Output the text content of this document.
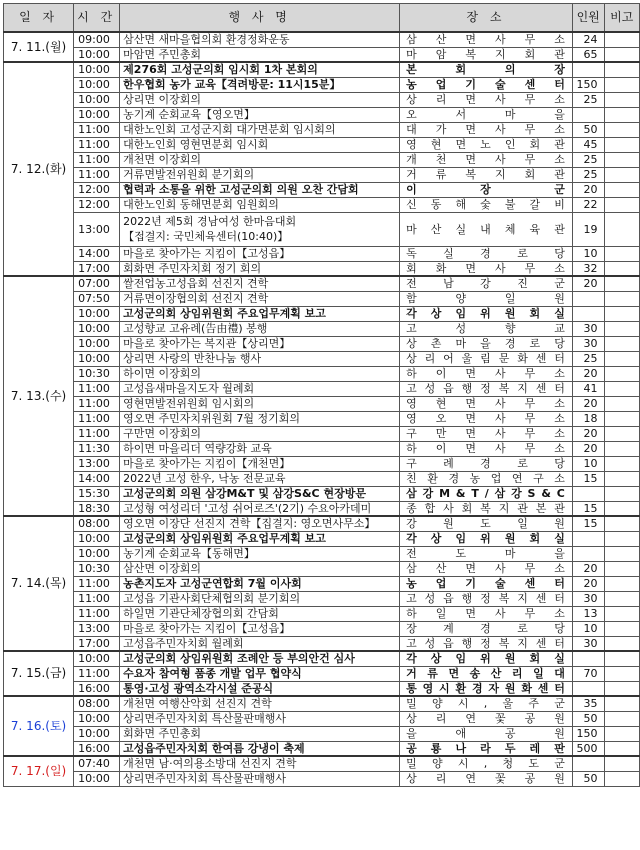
일 자	시 간	행 사 명	장 소	인원	비고
7. 11.(월)	09:00	삼산면 새마을협의회 환경정화운동	삼 산 면 사 무 소	24	
	10:00	마암면 주민총회	마 암 복 지 회 관	65	
7. 12.(화)	10:00	제276회 고성군의회 임시회 1차 본회의	본 회 의 장		
	10:00	한우협회 농가 교육【격려방문: 11시15분】	농 업 기 술 센 터	150	
	10:00	상리면 이장회의	상 리 면 사 무 소	25	
	10:00	농기계 순회교육【영오면】	오 서 마 을		
	11:00	대한노인회 고성군지회 대가면분회 임시회의	대 가 면 사 무 소	50	
	11:00	대한노인회 영현면분회 임시회	영 현 면 노 인 회 관	45	
	11:00	개천면 이장회의	개 천 면 사 무 소	25	
	11:00	거류면발전위원회 분기회의	거 류 복 지 회 관	25	
	12:00	협력과 소통을 위한 고성군의회 의원 오찬 간담회	이 장 군	20	
	12:00	대한노인회 동해면분회 임원회의	신 동 해 숯 불 갈 비	22	
	13:00	2022년 제5회 경남여성 한마음대회
【접결지: 국민체육센터(10:40)】	마 산 실 내 체 육 관	19	
	14:00	마을로 찾아가는 지킴이【고성읍】	독 실 경 로 당	10	
	17:00	회화면 주민자치회 정기 회의	회 화 면 사 무 소	32	
7. 13.(수)	07:00	쌀전업농고성읍회 선진지 견학	전 남 강 진 군	20	
	07:50	거류면이장협의회 선진지 견학	함 양 일 원		
	10:00	고성군의회 상임위원회 주요업무계획 보고	각 상 임 위 원 회 실		
	10:00	고성향교 고유례(告由禮) 봉행	고 성 향 교	30	
	10:00	마을로 찾아가는 복지관【상리면】	상 촌 마 을 경 로 당	30	
	10:00	상리면 사랑의 반찬나눔 행사	상 리 어 울 림 문 화 센 터	25	
	10:30	하이면 이장회의	하 이 면 사 무 소	20	
	11:00	고성읍새마을지도자 월례회	고 성 읍 행 정 복 지 센 터	41	
	11:00	영현면발전위원회 임시회의	영 현 면 사 무 소	20	
	11:00	영오면 주민자치위원회 7월 정기회의	영 오 면 사 무 소	18	
	11:00	구만면 이장회의	구 만 면 사 무 소	20	
	11:30	하이면 마을리더 역량강화 교육	하 이 면 사 무 소	20	
	13:00	마을로 찾아가는 지킴이【개천면】	구 례 경 로 당	10	
	14:00	2022년 고성 한우, 낙농 전문교육	친 환 경 농 업 연 구 소	15	
	15:30	고성군의회 의원 삼강M&T 및 삼강S&C 현장방문	삼 강 M & T / 삼 강 S & C		
	18:30	고성형 여성리더 '고성 쉬어로즈'(2기) 수요아카데미	종 합 사 회 복 지 관 본 관	15	
7. 14.(목)	08:00	영오면 이장단 선진지 견학【집결지: 영오면사무소】	강 원 도 일 원	15	
	10:00	고성군의회 상임위원회 주요업무계획 보고	각 상 임 위 원 회 실		
	10:00	농기계 순회교육【동해면】	전 도 마 을		
	10:30	삼산면 이장회의	삼 산 면 사 무 소	20	
	11:00	농촌지도자 고성군연합회 7월 이사회	농 업 기 술 센 터	20	
	11:00	고성읍 기관사회단체협의회 분기회의	고 성 읍 행 정 복 지 센 터	30	
	11:00	하일면 기관단체장협의회 간담회	하 일 면 사 무 소	13	
	13:00	마을로 찾아가는 지킴이【고성읍】	장 계 경 로 당	10	
	17:00	고성읍주민자치회 월례회	고 성 읍 행 정 복 지 센 터	30	
7. 15.(금)	10:00	고성군의회 상임위원회 조례안 등 부의안건 심사	각 상 임 위 원 회 실		
	11:00	수요자 참여형 품종 개발 업무 협약식	거 류 면 송 산 리 일 대	70	
	16:00	통영·고성 광역소각시설 준공식	통 영 시 환 경 자 원 화 센 터		
7. 16.(토)	08:00	개천면 여행산악회 선진지 견학	밀 양 시 , 울 주 군	35	
	10:00	상리면주민자치회 특산물판매행사	상 리 연 꽃 공 원	50	
	10:00	회화면 주민총회	을 애 공 원	150	
	16:00	고성읍주민자치회 한여름 강냉이 축제	공 룡 나 라 두 레 판	500	
7. 17.(일)	07:40	개천면 남·여의용소방대 선진지 견학	밀 양 시 , 청 도 군		
	10:00	상리면주민자치회 특산물판매행사	상 리 연 꽃 공 원	50	
